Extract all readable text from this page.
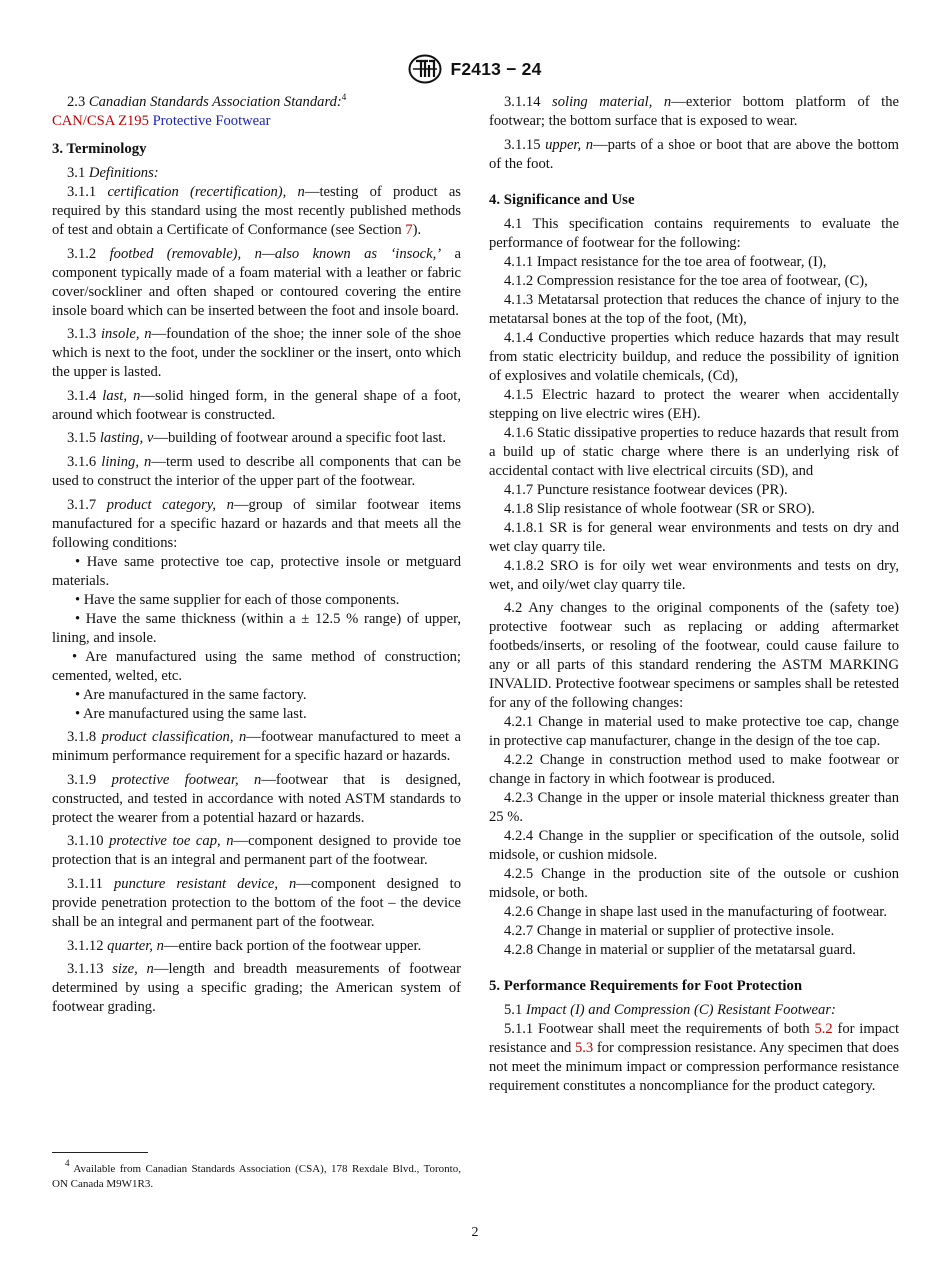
F2413 − 24

2.3 Canadian Standards Association Standard:$^4$

CAN/CSA Z195 Protective Footwear

3. Terminology

3.1 Definitions:

3.1.1 certification (recertification), n—testing of product as required by this standard using the most recently published methods of test and obtain a Certificate of Conformance (see Section 7).

3.1.2 footbed (removable), n—also known as ‘insock,’ a component typically made of a foam material with a leather or fabric cover/sockliner and often shaped or contoured covering the entire insole board which can be inserted between the foot and insole board.

3.1.3 insole, n—foundation of the shoe; the inner sole of the shoe which is next to the foot, under the sockliner or the insert, onto which the upper is lasted.

3.1.4 last, n—solid hinged form, in the general shape of a foot, around which footwear is constructed.

3.1.5 lasting, v—building of footwear around a specific foot last.

3.1.6 lining, n—term used to describe all components that can be used to construct the interior of the upper part of the footwear.

3.1.7 product category, n—group of similar footwear items manufactured for a specific hazard or hazards and that meets all the following conditions:

• Have same protective toe cap, protective insole or metguard materials.

• Have the same supplier for each of those components.

• Have the same thickness (within a ± 12.5 % range) of upper, lining, and insole.

• Are manufactured using the same method of construction; cemented, welted, etc.

• Are manufactured in the same factory.

• Are manufactured using the same last.

3.1.8 product classification, n—footwear manufactured to meet a minimum performance requirement for a specific hazard or hazards.

3.1.9 protective footwear, n—footwear that is designed, constructed, and tested in accordance with noted ASTM standards to protect the wearer from a potential hazard or hazards.

3.1.10 protective toe cap, n—component designed to provide toe protection that is an integral and permanent part of the footwear.

3.1.11 puncture resistant device, n—component designed to provide penetration protection to the bottom of the foot – the device shall be an integral and permanent part of the footwear.

3.1.12 quarter, n—entire back portion of the footwear upper.

3.1.13 size, n—length and breadth measurements of footwear determined by using a specific grading; the American system of footwear grading.

3.1.14 soling material, n—exterior bottom platform of the footwear; the bottom surface that is exposed to wear.

3.1.15 upper, n—parts of a shoe or boot that are above the bottom of the foot.

4. Significance and Use

4.1 This specification contains requirements to evaluate the performance of footwear for the following:

4.1.1 Impact resistance for the toe area of footwear, (I),

4.1.2 Compression resistance for the toe area of footwear, (C),

4.1.3 Metatarsal protection that reduces the chance of injury to the metatarsal bones at the top of the foot, (Mt),

4.1.4 Conductive properties which reduce hazards that may result from static electricity buildup, and reduce the possibility of ignition of explosives and volatile chemicals, (Cd),

4.1.5 Electric hazard to protect the wearer when accidentally stepping on live electric wires (EH).

4.1.6 Static dissipative properties to reduce hazards that result from a build up of static charge where there is an underlying risk of accidental contact with live electrical circuits (SD), and

4.1.7 Puncture resistance footwear devices (PR).

4.1.8 Slip resistance of whole footwear (SR or SRO).

4.1.8.1 SR is for general wear environments and tests on dry and wet clay quarry tile.

4.1.8.2 SRO is for oily wet wear environments and tests on dry, wet, and oily/wet clay quarry tile.

4.2 Any changes to the original components of the (safety toe) protective footwear such as replacing or adding aftermarket footbeds/inserts, or resoling of the footwear, could cause failure to any or all parts of this standard rendering the ASTM MARKING INVALID. Protective footwear specimens or samples shall be retested for any of the following changes:

4.2.1 Change in material used to make protective toe cap, change in protective cap manufacturer, change in the design of the toe cap.

4.2.2 Change in construction method used to make footwear or change in factory in which footwear is produced.

4.2.3 Change in the upper or insole material thickness greater than 25 %.

4.2.4 Change in the supplier or specification of the outsole, solid midsole, or cushion midsole.

4.2.5 Change in the production site of the outsole or cushion midsole, or both.

4.2.6 Change in shape last used in the manufacturing of footwear.

4.2.7 Change in material or supplier of protective insole.

4.2.8 Change in material or supplier of the metatarsal guard.

5. Performance Requirements for Foot Protection

5.1 Impact (I) and Compression (C) Resistant Footwear:

5.1.1 Footwear shall meet the requirements of both 5.2 for impact resistance and 5.3 for compression resistance. Any specimen that does not meet the minimum impact or compression performance resistance requirement constitutes a noncompliance for the product category.

$^4$ Available from Canadian Standards Association (CSA), 178 Rexdale Blvd., Toronto, ON Canada M9W1R3.
2
